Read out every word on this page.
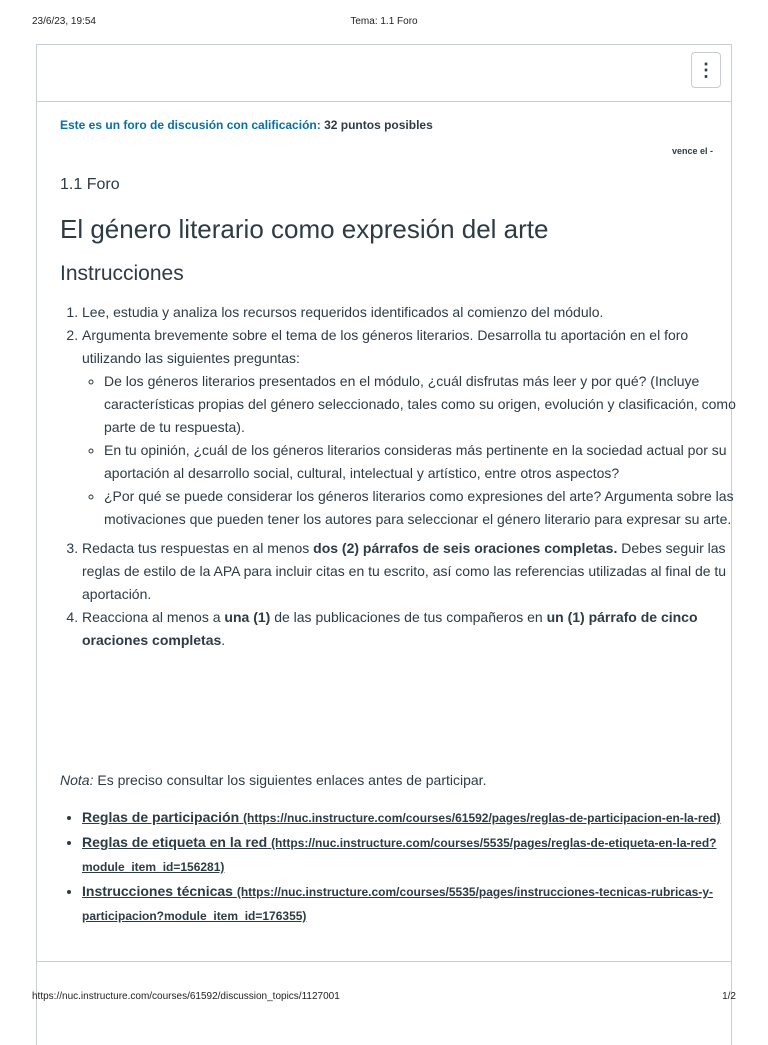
23/6/23, 19:54	Tema: 1.1 Foro
⋮
Este es un foro de discusión con calificación: 32 puntos posibles
vence el -
1.1 Foro
El género literario como expresión del arte
Instrucciones
1. Lee, estudia y analiza los recursos requeridos identificados al comienzo del módulo.
2. Argumenta brevemente sobre el tema de los géneros literarios. Desarrolla tu aportación en el foro utilizando las siguientes preguntas:
◦ De los géneros literarios presentados en el módulo, ¿cuál disfrutas más leer y por qué? (Incluye características propias del género seleccionado, tales como su origen, evolución y clasificación, como parte de tu respuesta).
◦ En tu opinión, ¿cuál de los géneros literarios consideras más pertinente en la sociedad actual por su aportación al desarrollo social, cultural, intelectual y artístico, entre otros aspectos?
◦ ¿Por qué se puede considerar los géneros literarios como expresiones del arte? Argumenta sobre las motivaciones que pueden tener los autores para seleccionar el género literario para expresar su arte.
3. Redacta tus respuestas en al menos dos (2) párrafos de seis oraciones completas. Debes seguir las reglas de estilo de la APA para incluir citas en tu escrito, así como las referencias utilizadas al final de tu aportación.
4. Reacciona al menos a una (1) de las publicaciones de tus compañeros en un (1) párrafo de cinco oraciones completas.
Nota: Es preciso consultar los siguientes enlaces antes de participar.
• Reglas de participación (https://nuc.instructure.com/courses/61592/pages/reglas-de-participacion-en-la-red)
• Reglas de etiqueta en la red (https://nuc.instructure.com/courses/5535/pages/reglas-de-etiqueta-en-la-red?module_item_id=156281)
• Instrucciones técnicas (https://nuc.instructure.com/courses/5535/pages/instrucciones-tecnicas-rubricas-y-participacion?module_item_id=176355)
https://nuc.instructure.com/courses/61592/discussion_topics/1127001	1/2
